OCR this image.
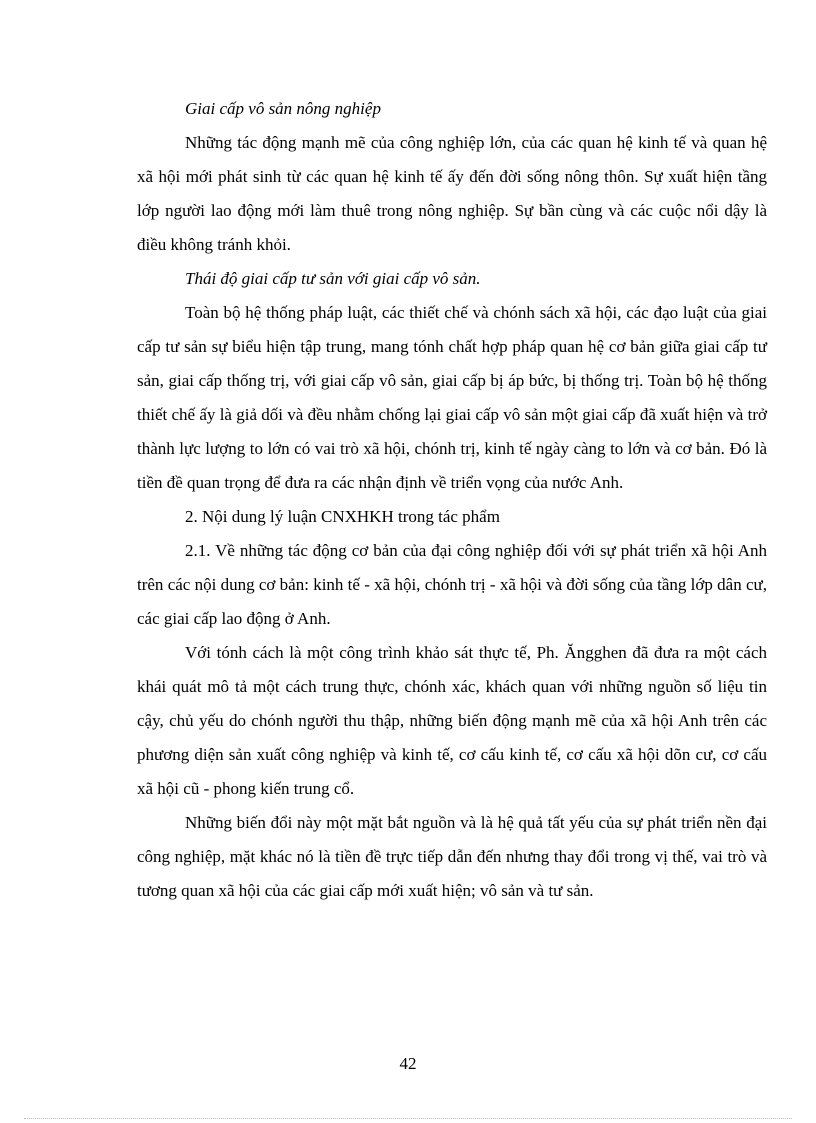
Giai cấp vô sản nông nghiệp

Những tác động mạnh mẽ của công nghiệp lớn, của các quan hệ kinh tế và quan hệ xã hội mới phát sinh từ các quan hệ kinh tế ấy đến đời sống nông thôn. Sự xuất hiện tầng lớp người lao động mới làm thuê trong nông nghiệp. Sự bần cùng và các cuộc nổi dậy là điều không tránh khỏi.

Thái độ giai cấp tư sản với giai cấp vô sản.

Toàn bộ hệ thống pháp luật, các thiết chế và chónh sách xã hội, các đạo luật của giai cấp tư sản sự biểu hiện tập trung, mang tónh chất hợp pháp quan hệ cơ bản giữa giai cấp tư sản, giai cấp thống trị, với giai cấp vô sản, giai cấp bị áp bức, bị thống trị. Toàn bộ hệ thống thiết chế ấy là giả dối và đều nhằm chống lại giai cấp vô sản một giai cấp đã xuất hiện và trở thành lực lượng to lớn có vai trò xã hội, chónh trị, kinh tế ngày càng to lớn và cơ bản. Đó là tiền đề quan trọng để đưa ra các nhận định về triển vọng của nước Anh.

2. Nội dung lý luận CNXHKH trong tác phẩm

2.1. Về những tác động cơ bản của đại công nghiệp đối với sự phát triển xã hội Anh trên các nội dung cơ bản: kinh tế - xã hội, chónh trị - xã hội và đời sống của tầng lớp dân cư, các giai cấp lao động ở Anh.

Với tónh cách là một công trình khảo sát thực tế, Ph. Ăngghen đã đưa ra một cách khái quát mô tả một cách trung thực, chónh xác, khách quan với những nguồn số liệu tin cậy, chủ yếu do chónh người thu thập, những biến động mạnh mẽ của xã hội Anh trên các phương diện sản xuất công nghiệp và kinh tế, cơ cấu kinh tế, cơ cấu xã hội dõn cư, cơ cấu xã hội cũ - phong kiến trung cổ.

Những biến đổi này một mặt bắt nguồn và là hệ quả tất yếu của sự phát triển nền đại công nghiệp, mặt khác nó là tiền đề trực tiếp dẫn đến nhưng thay đổi trong vị thế, vai trò và tương quan xã hội của các giai cấp mới xuất hiện; vô sản và tư sản.

42
